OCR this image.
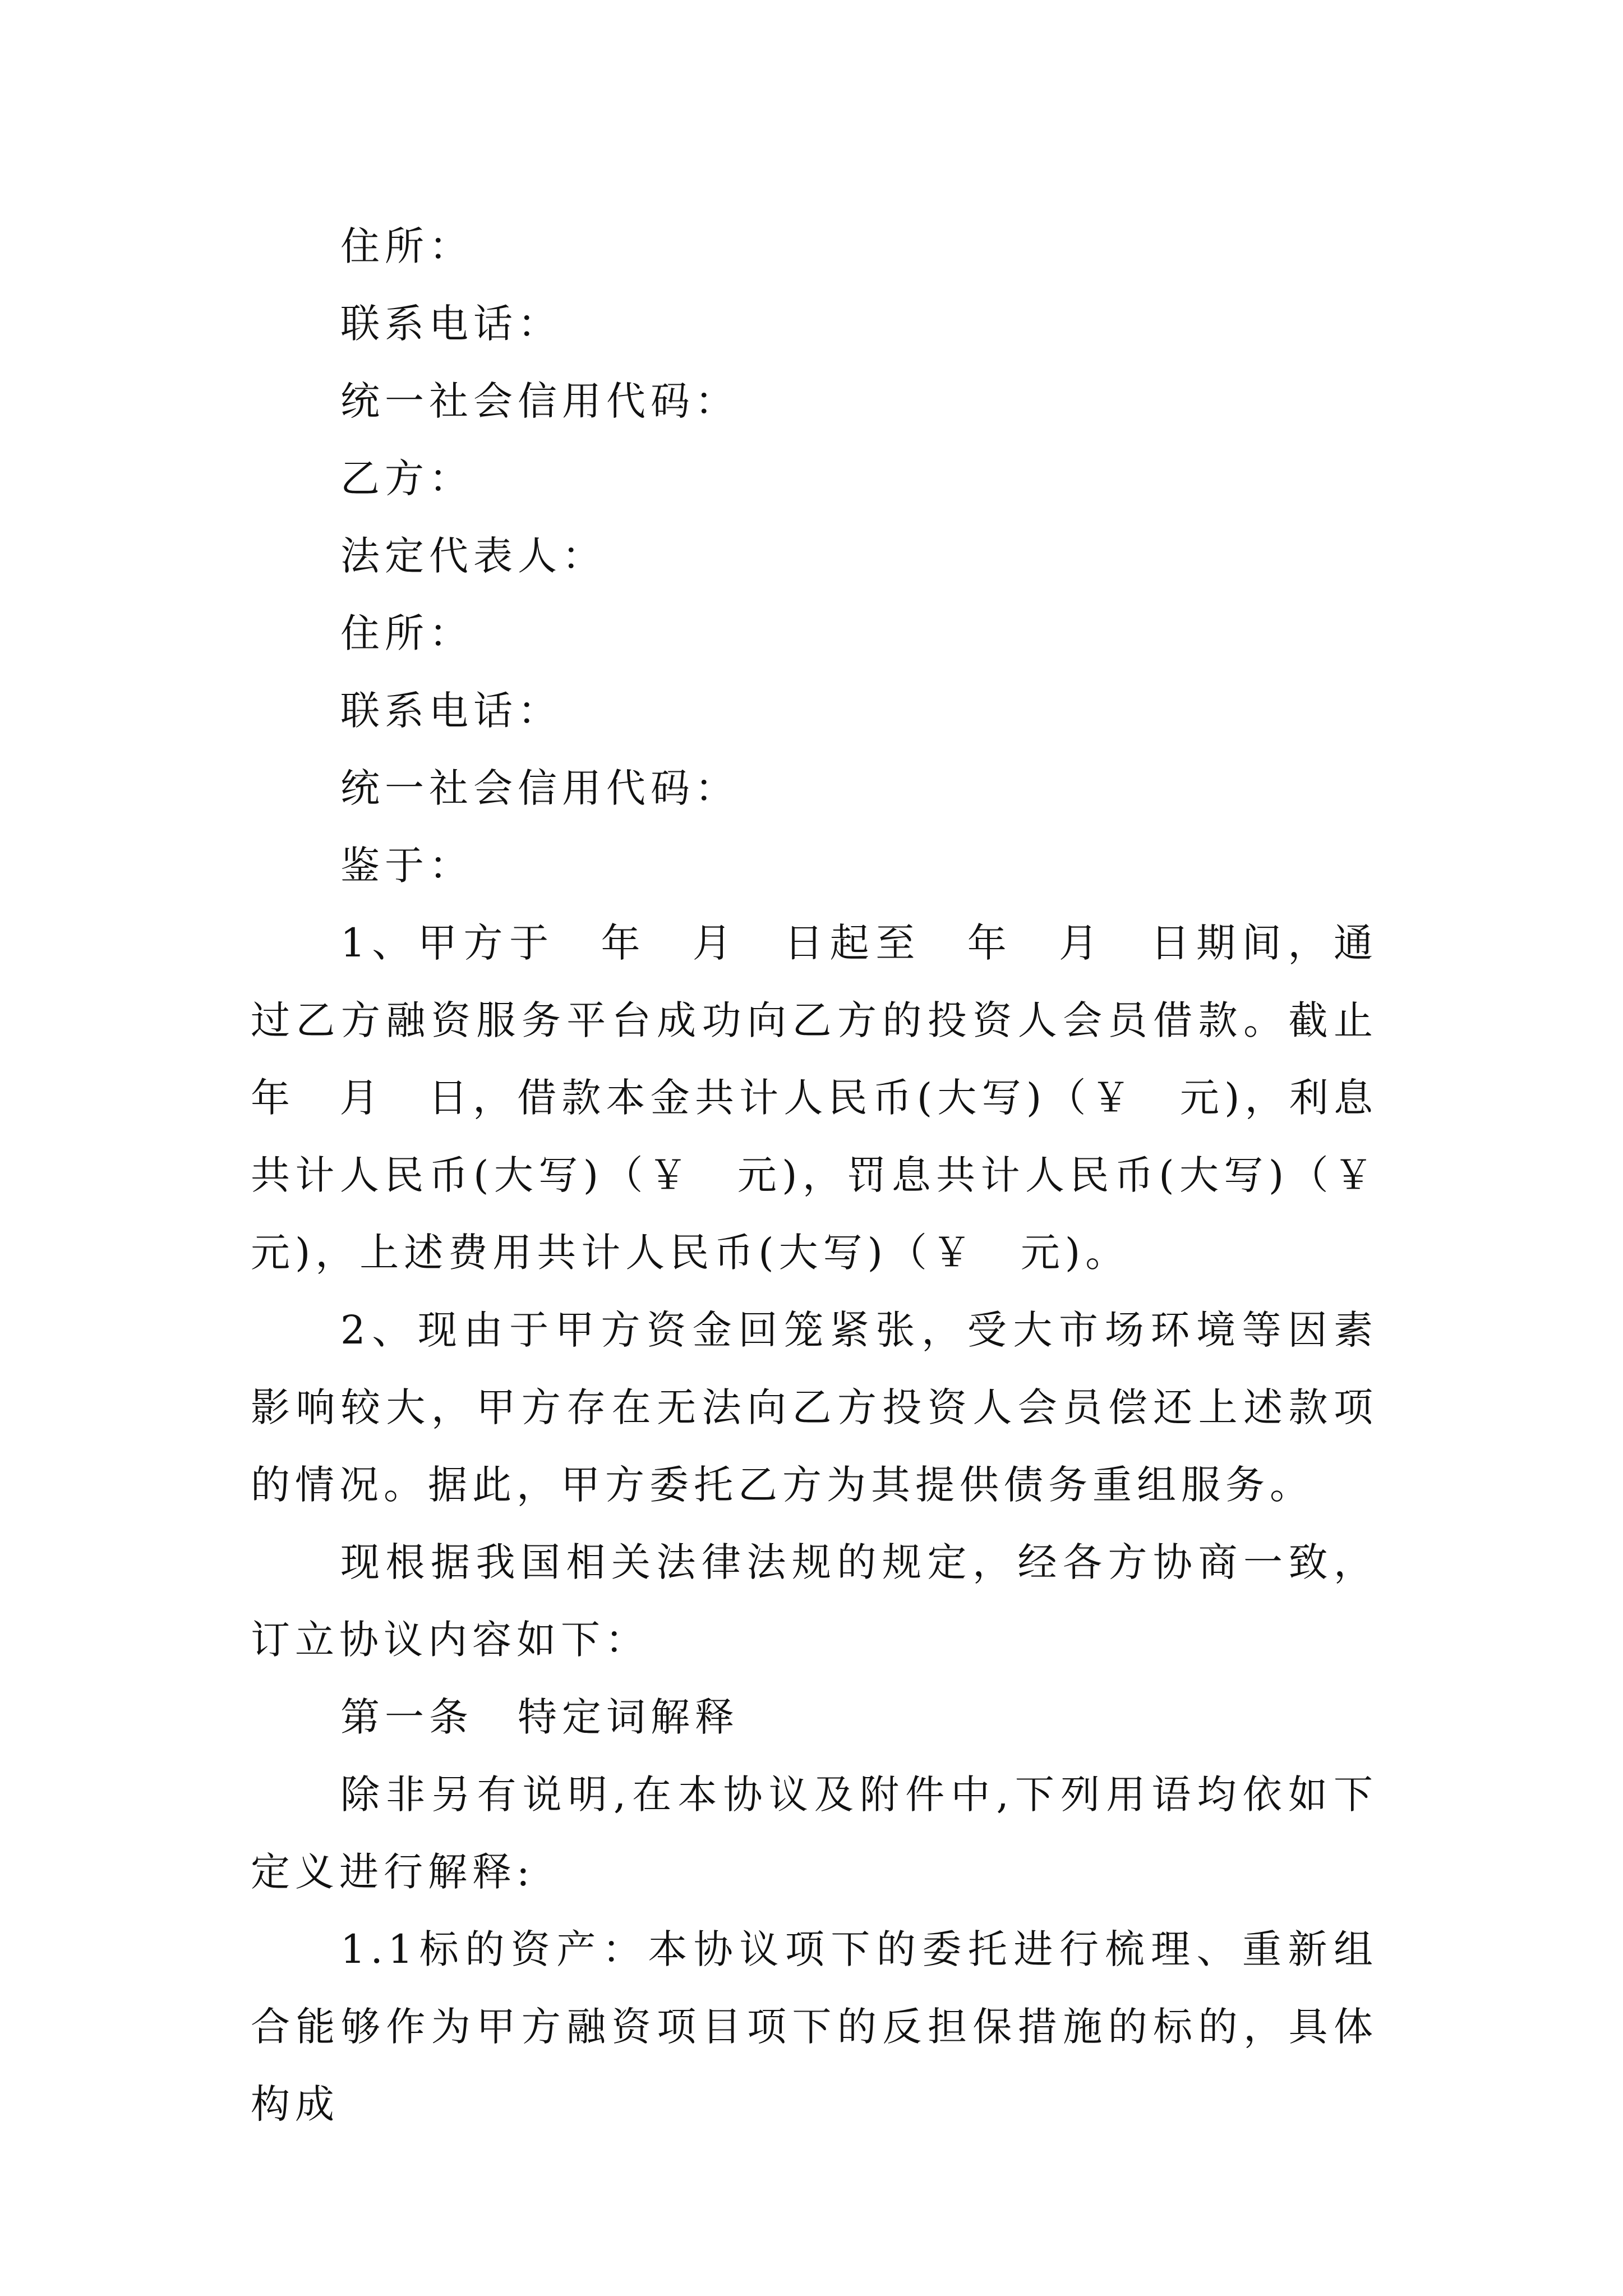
住所：

联系电话：

统一社会信用代码：

乙方：

法定代表人：

住所：

联系电话：

统一社会信用代码：

鉴于：

1、甲方于　年　月　日起至　年　月　日期间，通过乙方融资服务平台成功向乙方的投资人会员借款。截止　年　月　日，借款本金共计人民币(大写)（￥　元)，利息共计人民币(大写)（￥　元)，罚息共计人民币(大写)（￥　元)，上述费用共计人民币(大写)（￥　元)。

2、现由于甲方资金回笼紧张，受大市场环境等因素影响较大，甲方存在无法向乙方投资人会员偿还上述款项的情况。据此，甲方委托乙方为其提供债务重组服务。

现根据我国相关法律法规的规定，经各方协商一致，订立协议内容如下：

第一条　特定词解释

除非另有说明,在本协议及附件中,下列用语均依如下定义进行解释:

1.1标的资产：本协议项下的委托进行梳理、重新组合能够作为甲方融资项目项下的反担保措施的标的，具体构成
